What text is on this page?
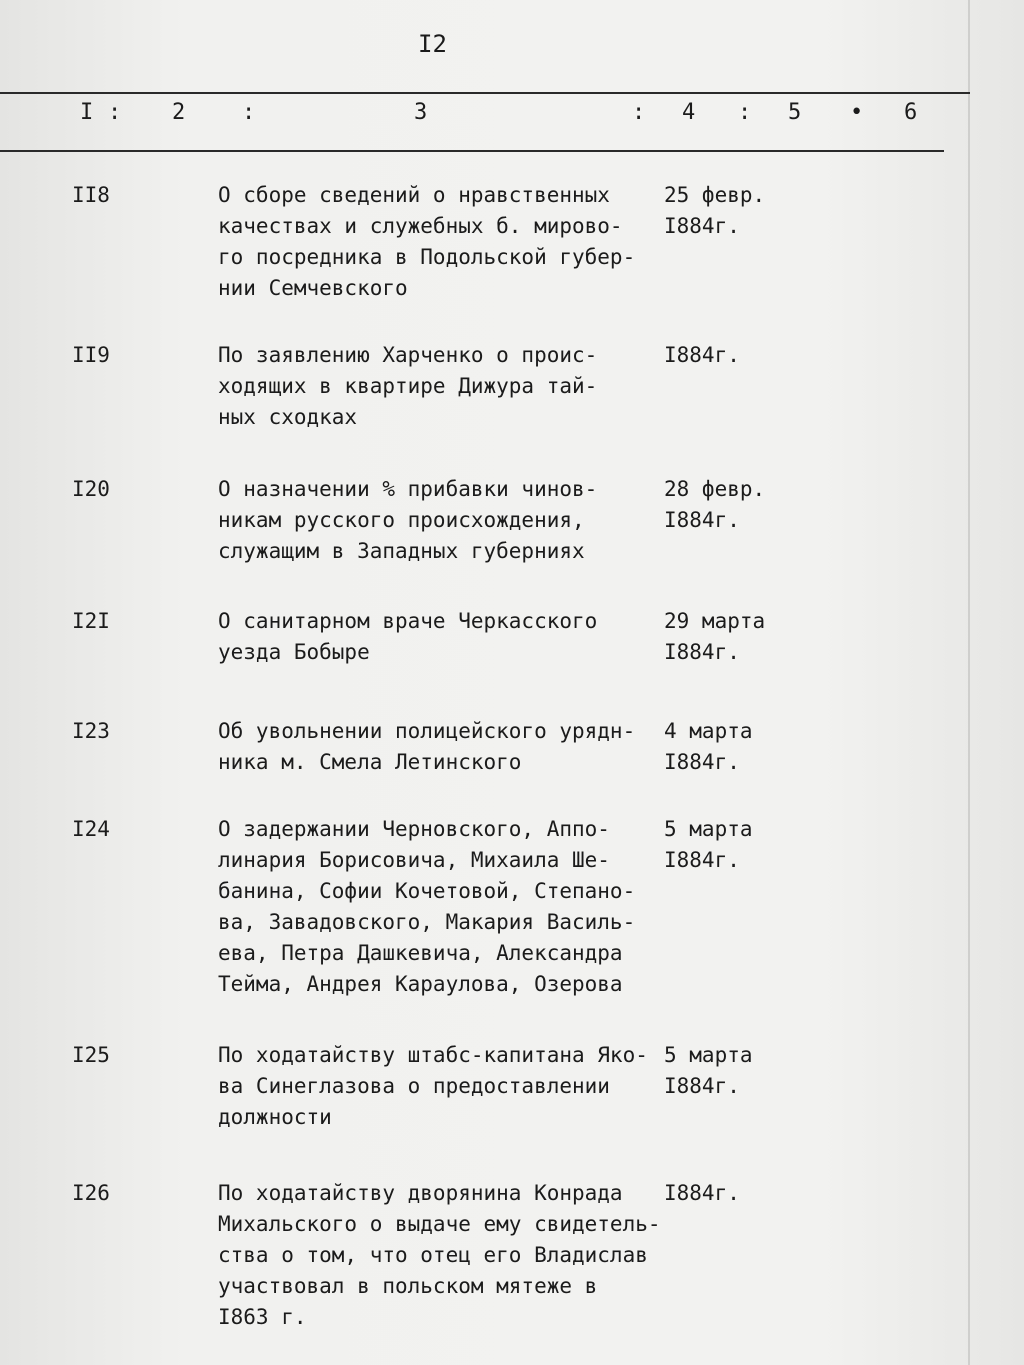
I2
I : 2	:	3	: 4 : 5 • 6
II8	О сборе сведений о нравственных
качествах и служебных б. мирово-
го посредника в Подольской губер-
нии Семчевского
25 февр.
I884г.
II9	По заявлению Харченко о проис-
ходящих в квартире Дижура тай-
ных сходках
I884г.
I20	О назначении % прибавки чинов-
никам русского происхождения,
служащим в Западных губерниях
28 февр.
I884г.
I2I	О санитарном враче Черкасского
уезда Бобыре
29 марта
I884г.
I23	Об увольнении полицейского урядн-
ника м. Смела Летинского
4 марта
I884г.
I24	О задержании Черновского, Аппо-
линария Борисовича, Михаила Ше-
банина, Софии Кочетовой, Степано-
ва, Завадовского, Макария Василь-
ева, Петра Дашкевича, Александра
Тейма, Андрея Караулова, Озерова
5 марта
I884г.
I25	По ходатайству штабс-капитана Яко-
ва Синеглазова о предоставлении
должности
5 марта
I884г.
I26	По ходатайству дворянина Конрада
Михальского о выдаче ему свидетель-
ства о том, что отец его Владислав
участвовал в польском мятеже в
I863 г.
I884г.
